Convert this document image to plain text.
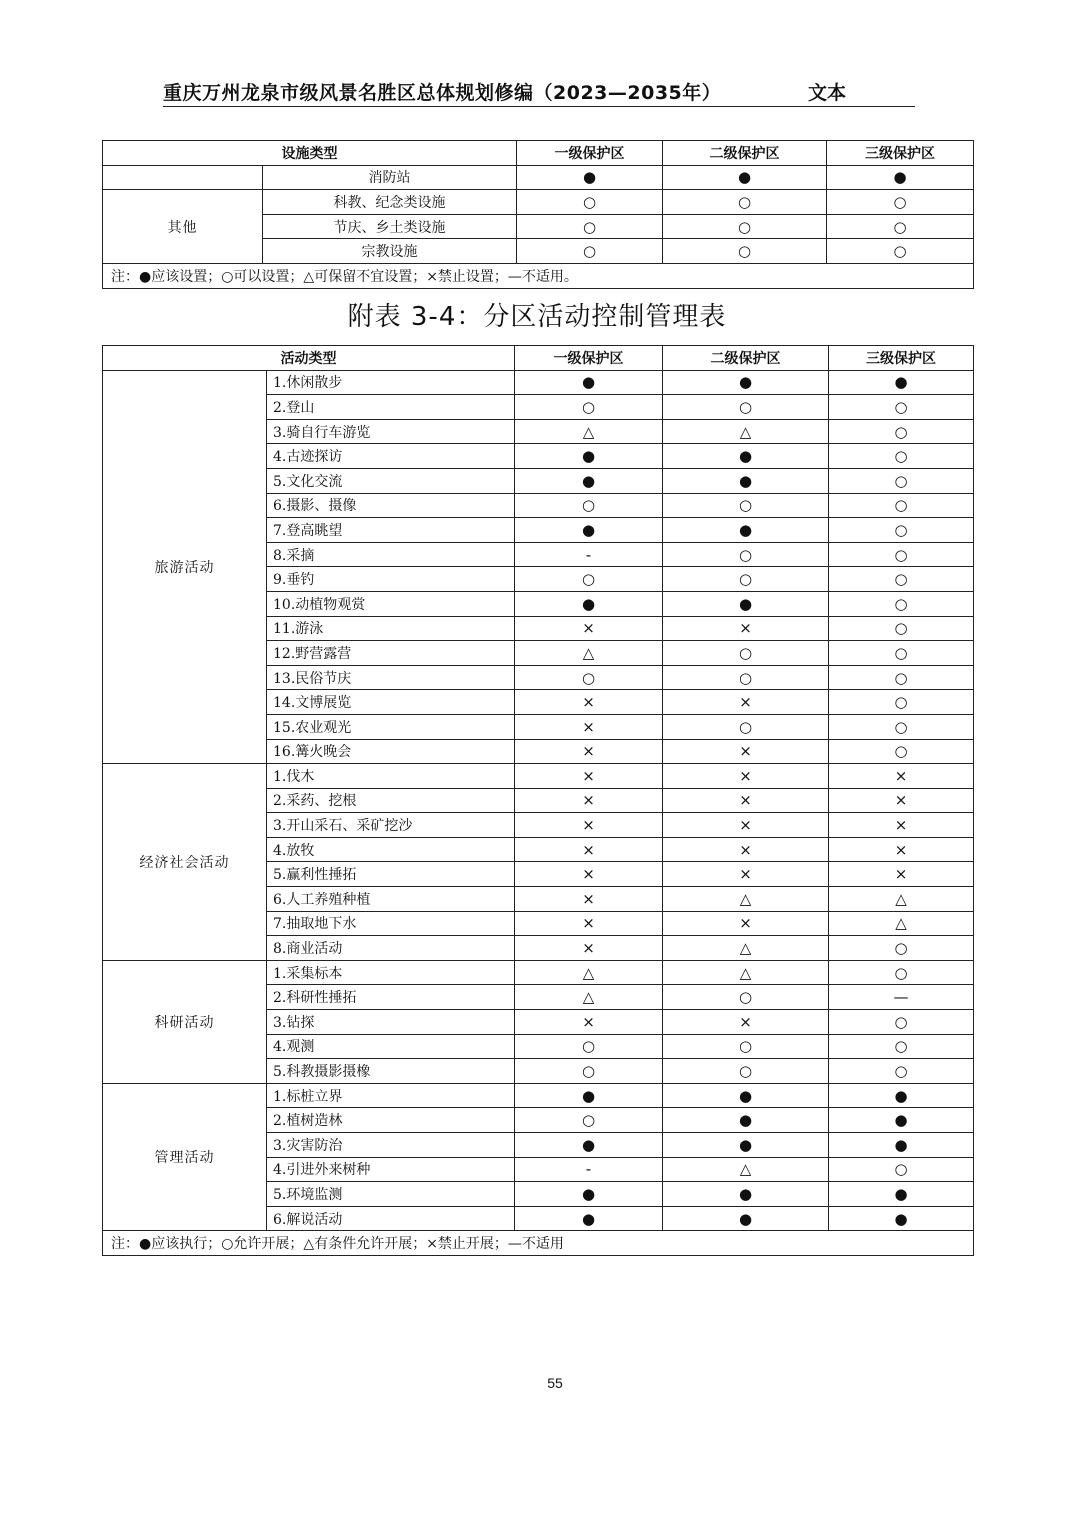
重庆万州龙泉市级风景名胜区总体规划修编（2023—2035年）	文本
设施类型		一级保护区	二级保护区	三级保护区
	消防站	●	●	●
其他	科教、纪念类设施	○	○	○
	节庆、乡土类设施	○	○	○
	宗教设施	○	○	○
注：●应该设置；○可以设置；△可保留不宜设置；×禁止设置；—不适用。				
附表 3-4：分区活动控制管理表
活动类型		一级保护区	二级保护区	三级保护区
旅游活动	1.休闲散步	●	●	●
	2.登山	○	○	○
	3.骑自行车游览	△	△	○
	4.古迹探访	●	●	○
	5.文化交流	●	●	○
	6.摄影、摄像	○	○	○
	7.登高眺望	●	●	○
	8.采摘	-	○	○
	9.垂钓	○	○	○
	10.动植物观赏	●	●	○
	11.游泳	×	×	○
	12.野营露营	△	○	○
	13.民俗节庆	○	○	○
	14.文博展览	×	×	○
	15.农业观光	×	○	○
	16.篝火晚会	×	×	○
经济社会活动	1.伐木	×	×	×
	2.采药、挖根	×	×	×
	3.开山采石、采矿挖沙	×	×	×
	4.放牧	×	×	×
	5.赢利性捶拓	×	×	×
	6.人工养殖种植	×	△	△
	7.抽取地下水	×	×	△
	8.商业活动	×	△	○
科研活动	1.采集标本	△	△	○
	2.科研性捶拓	△	○	—
	3.钻探	×	×	○
	4.观测	○	○	○
	5.科教摄影摄橡	○	○	○
管理活动	1.标桩立界	●	●	●
	2.植树造林	○	●	●
	3.灾害防治	●	●	●
	4.引进外来树种	-	△	○
	5.环境监测	●	●	●
	6.解说活动	●	●	●
注：●应该执行；○允许开展；△有条件允许开展；×禁止开展；—不适用				
55
